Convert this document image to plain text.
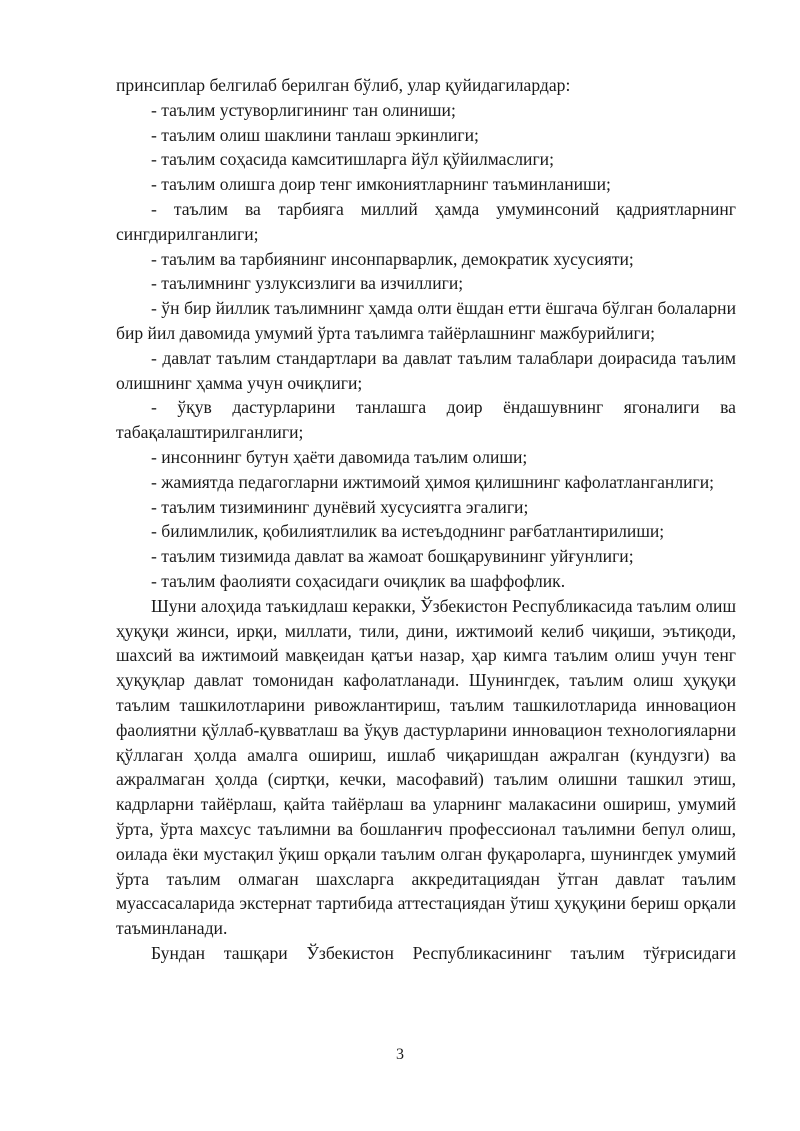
принсиплар белгилаб берилган бўлиб, улар қуйидагилардар:

- таълим устуворлигининг тан олиниши;

- таълим олиш шаклини танлаш эркинлиги;

- таълим соҳасида камситишларга йўл қўйилмаслиги;

- таълим олишга доир тенг имкониятларнинг таъминланиши;

- таълим ва тарбияга миллий ҳамда умуминсоний қадриятларнинг сингдирилганлиги;

- таълим ва тарбиянинг инсонпарварлик, демократик хусусияти;

- таълимнинг узлуксизлиги ва изчиллиги;

- ўн бир йиллик таълимнинг ҳамда олти ёшдан етти ёшгача бўлган болаларни бир йил давомида умумий ўрта таълимга тайёрлашнинг мажбурийлиги;

- давлат таълим стандартлари ва давлат таълим талаблари доирасида таълим олишнинг ҳамма учун очиқлиги;

- ўқув дастурларини танлашга доир ёндашувнинг ягоналиги ва табақалаштирилганлиги;

- инсоннинг бутун ҳаёти давомида таълим олиши;

- жамиятда педагогларни ижтимоий ҳимоя қилишнинг кафолатланганлиги;

- таълим тизимининг дунёвий хусусиятга эгалиги;

- билимлилик, қобилиятлилик ва истеъдоднинг рағбатлантирилиши;

- таълим тизимида давлат ва жамоат бошқарувининг уйғунлиги;

- таълим фаолияти соҳасидаги очиқлик ва шаффофлик.

Шуни алоҳида таъкидлаш керакки, Ўзбекистон Республикасида таълим олиш ҳуқуқи жинси, ирқи, миллати, тили, дини, ижтимоий келиб чиқиши, эътиқоди, шахсий ва ижтимоий мавқеидан қатъи назар, ҳар кимга таълим олиш учун тенг ҳуқуқлар давлат томонидан кафолатланади. Шунингдек, таълим олиш ҳуқуқи таълим ташкилотларини ривожлантириш, таълим ташкилотларида инновацион фаолиятни қўллаб-қувватлаш ва ўқув дастурларини инновацион технологияларни қўллаган ҳолда амалга ошириш, ишлаб чиқаришдан ажралган (кундузги) ва ажралмаган ҳолда (сиртқи, кечки, масофавий) таълим олишни ташкил этиш, кадрларни тайёрлаш, қайта тайёрлаш ва уларнинг малакасини ошириш, умумий ўрта, ўрта махсус таълимни ва бошланғич профессионал таълимни бепул олиш, оилада ёки мустақил ўқиш орқали таълим олган фуқароларга, шунингдек умумий ўрта таълим олмаган шахсларга аккредитациядан ўтган давлат таълим муассасаларида экстернат тартибида аттестациядан ўтиш ҳуқуқини бериш орқали таъминланади.

Бундан ташқари Ўзбекистон Республикасининг таълим тўғрисидаги

3
